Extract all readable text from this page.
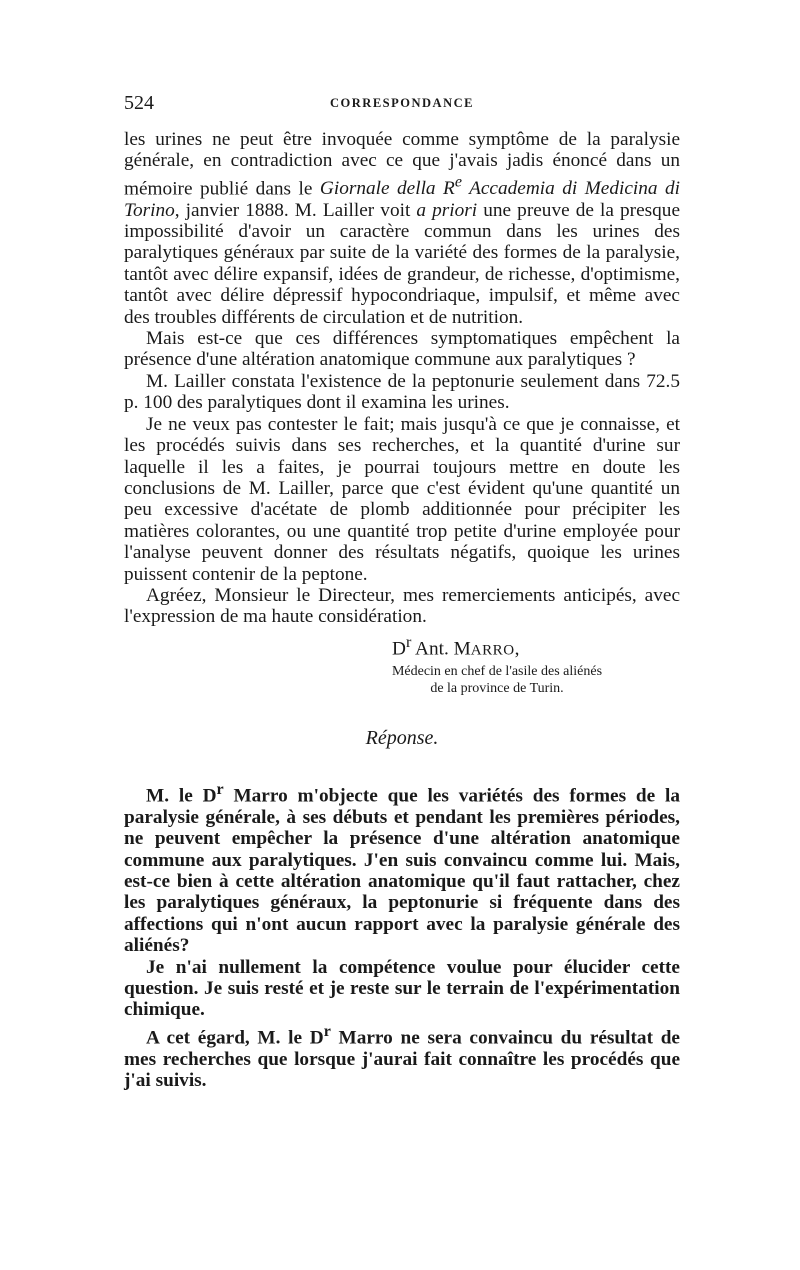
524	CORRESPONDANCE

les urines ne peut être invoquée comme symptôme de la paralysie générale, en contradiction avec ce que j'avais jadis énoncé dans un mémoire publié dans le Giornale della $R^e$ Accademia di Medicina di Torino, janvier 1888. M. Lailler voit a priori une preuve de la presque impossibilité d'avoir un caractère commun dans les urines des paralytiques généraux par suite de la variété des formes de la paralysie, tantôt avec délire expansif, idées de grandeur, de richesse, d'optimisme, tantôt avec délire dépressif hypocondriaque, impulsif, et même avec des troubles différents de circulation et de nutrition.

Mais est-ce que ces différences symptomatiques empêchent la présence d'une altération anatomique commune aux paralytiques ?

M. Lailler constata l'existence de la peptonurie seulement dans 72.5 p. 100 des paralytiques dont il examina les urines.

Je ne veux pas contester le fait; mais jusqu'à ce que je connaisse, et les procédés suivis dans ses recherches, et la quantité d'urine sur laquelle il les a faites, je pourrai toujours mettre en doute les conclusions de M. Lailler, parce que c'est évident qu'une quantité un peu excessive d'acétate de plomb additionnée pour précipiter les matières colorantes, ou une quantité trop petite d'urine employée pour l'analyse peuvent donner des résultats négatifs, quoique les urines puissent contenir de la peptone.

Agréez, Monsieur le Directeur, mes remerciements anticipés, avec l'expression de ma haute considération.

$D^r$ Ant. MARRO,

Médecin en chef de l'asile des aliénés
de la province de Turin.

Réponse.

M. le $D^r$ Marro m'objecte que les variétés des formes de la paralysie générale, à ses débuts et pendant les premières périodes, ne peuvent empêcher la présence d'une altération anatomique commune aux paralytiques. J'en suis convaincu comme lui. Mais, est-ce bien à cette altération anatomique qu'il faut rattacher, chez les paralytiques généraux, la peptonurie si fréquente dans des affections qui n'ont aucun rapport avec la paralysie générale des aliénés?

Je n'ai nullement la compétence voulue pour élucider cette question. Je suis resté et je reste sur le terrain de l'expérimentation chimique.

A cet égard, M. le $D^r$ Marro ne sera convaincu du résultat de mes recherches que lorsque j'aurai fait connaître les procédés que j'ai suivis.
